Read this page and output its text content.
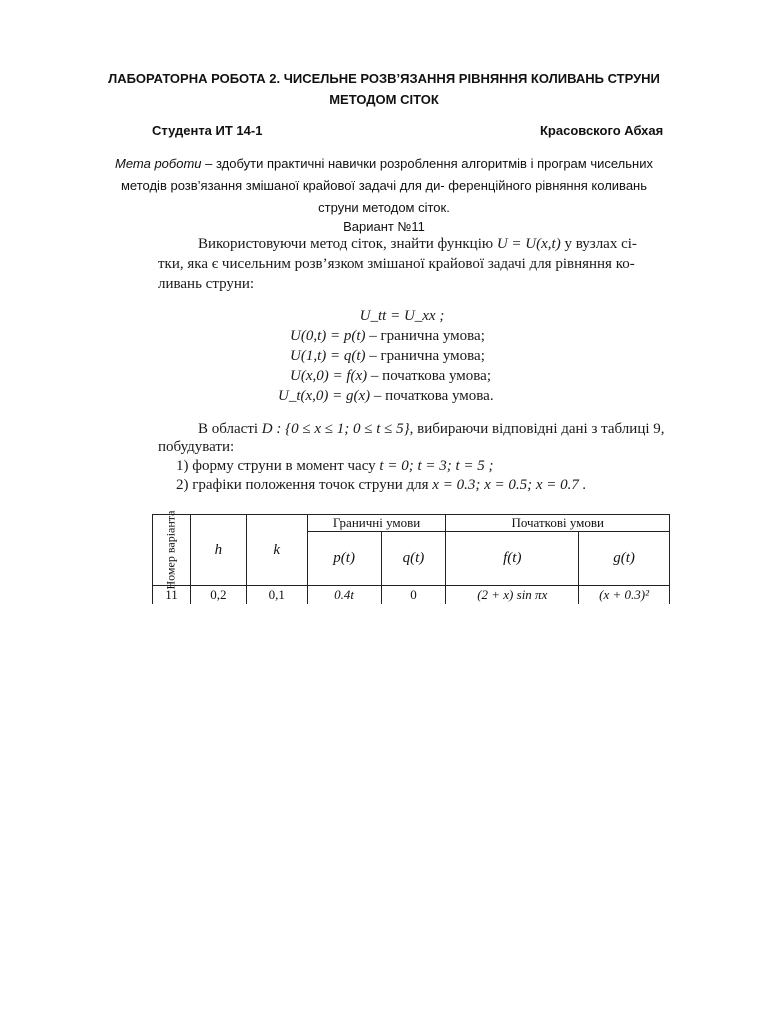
ЛАБОРАТОРНА РОБОТА 2. ЧИСЕЛЬНЕ РОЗВ’ЯЗАННЯ РІВНЯННЯ КОЛИВАНЬ СТРУНИ
МЕТОДОМ СІТОК
Студента ИТ 14-1	Красовского Абхая
Мета роботи – здобути практичні навички розроблення алгоритмів і програм чисельних
методів розв’язання змішаної крайової задачі для ди- ференційного рівняння коливань
струни методом сіток.
Вариант №11
Використовуючи метод сіток, знайти функцію U = U(x,t) у вузлах сі-
тки, яка є чисельним розв’язком змішаної крайової задачі для рівняння ко-
ливань струни:
U_tt = U_xx ;
U(0,t) = p(t) – гранична умова;
U(1,t) = q(t) – гранична умова;
U(x,0) = f(x) – початкова умова;
U_t(x,0) = g(x) – початкова умова.
В області D : {0 ≤ x ≤ 1; 0 ≤ t ≤ 5}, вибираючи відповідні дані з таблиці 9,
побудувати:
1) форму струни в момент часу t = 0; t = 3; t = 5 ;
2) графіки положення точок струни для x = 0.3; x = 0.5; x = 0.7 .
Номер варіанта	h	k	Граничні умови		Початкові умови	
			p(t)	q(t)	f(t)	g(t)
11	0,2	0,1	0.4t	0	(2 + x) sin πx	(x + 0.3)²
